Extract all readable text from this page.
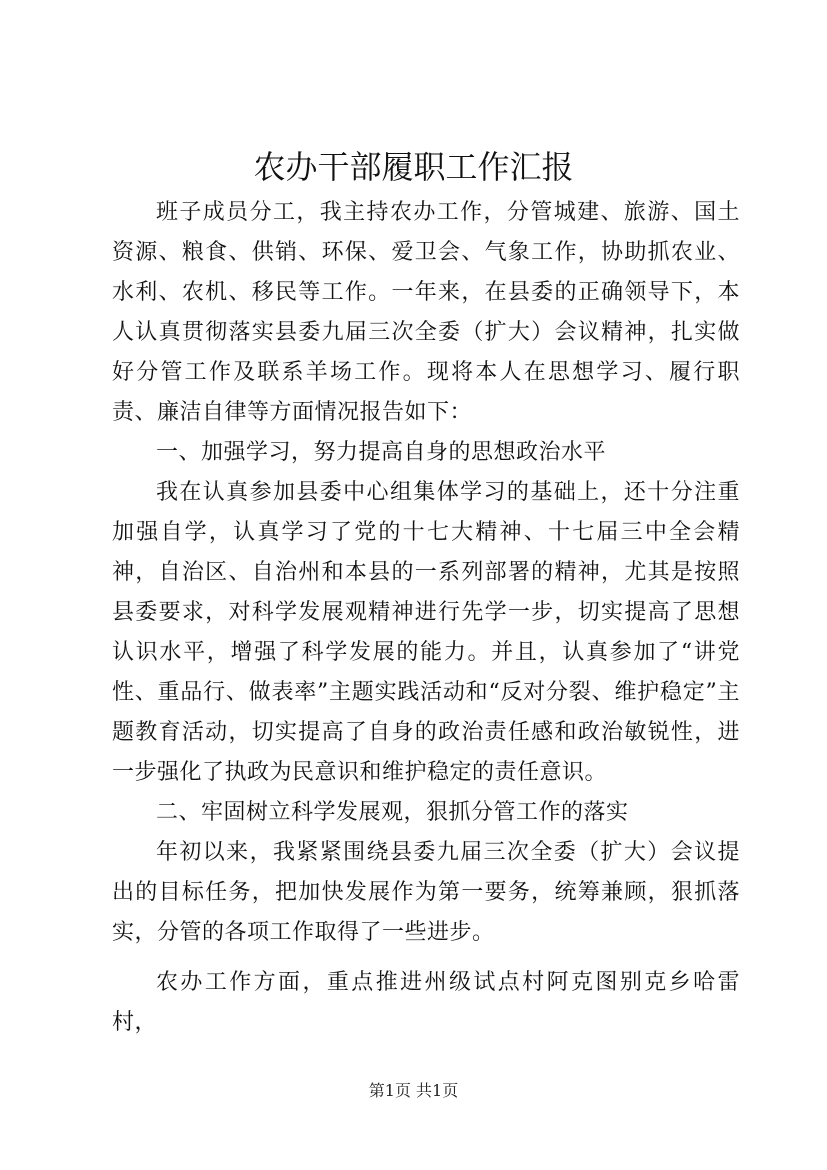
农办干部履职工作汇报

班子成员分工，我主持农办工作，分管城建、旅游、国土资源、粮食、供销、环保、爱卫会、气象工作，协助抓农业、水利、农机、移民等工作。一年来，在县委的正确领导下，本人认真贯彻落实县委九届三次全委（扩大）会议精神，扎实做好分管工作及联系羊场工作。现将本人在思想学习、履行职责、廉洁自律等方面情况报告如下：

一、加强学习，努力提高自身的思想政治水平

我在认真参加县委中心组集体学习的基础上，还十分注重加强自学，认真学习了党的十七大精神、十七届三中全会精神，自治区、自治州和本县的一系列部署的精神，尤其是按照县委要求，对科学发展观精神进行先学一步，切实提高了思想认识水平，增强了科学发展的能力。并且，认真参加了“讲党性、重品行、做表率”主题实践活动和“反对分裂、维护稳定”主题教育活动，切实提高了自身的政治责任感和政治敏锐性，进一步强化了执政为民意识和维护稳定的责任意识。

二、牢固树立科学发展观，狠抓分管工作的落实

年初以来，我紧紧围绕县委九届三次全委（扩大）会议提出的目标任务，把加快发展作为第一要务，统筹兼顾，狠抓落实，分管的各项工作取得了一些进步。

农办工作方面，重点推进州级试点村阿克图别克乡哈雷村，

第1页 共1页
